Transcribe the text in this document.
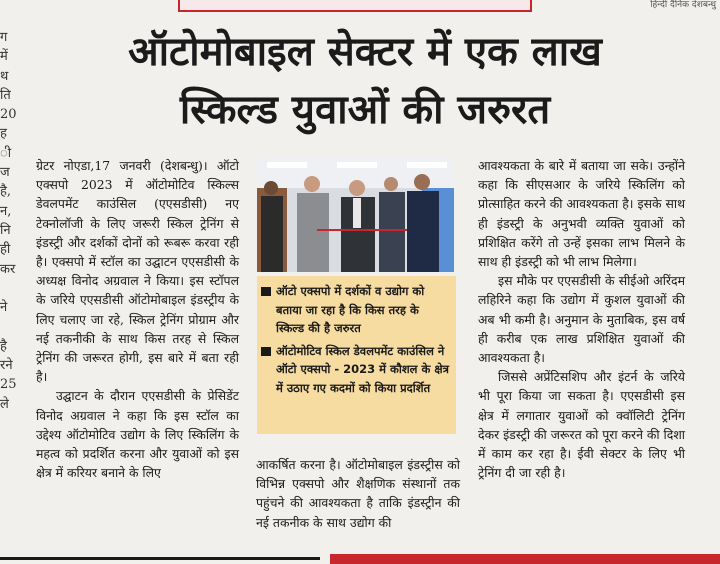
हिन्दी दैनिक देशबन्धु
ग
में
थ
ति
20
ह
ी
ज
है,
न,
नि
ही
कर

ने

है
रने
25
ले
ऑटोमोबाइल सेक्टर में एक लाख
स्किल्ड युवाओं की जरुरत

ग्रेटर नोएडा,17 जनवरी (देशबन्धु)। ऑटो एक्सपो 2023 में ऑटोमोटिव स्किल्स डेवलपमेंट काउंसिल (एएसडीसी) नए टेक्नोलॉजी के लिए जरूरी स्किल ट्रेनिंग से इंडस्ट्री और दर्शकों दोनों को रूबरू करवा रही है। एक्सपो में स्टॉल का उद्घाटन एएसडीसी के अध्यक्ष विनोद अग्रवाल ने किया। इस स्टॉपल के जरिये एएसडीसी ऑटोमोबाइल इंडस्ट्रीय के लिए चलाए जा रहे, स्किल ट्रेनिंग प्रोग्राम और नई तकनीकी के साथ किस तरह से स्किल ट्रेनिंग की जरूरत होगी, इस बारे में बता रही है।

उद्घाटन के दौरान एएसडीसी के प्रेसिडेंट विनोद अग्रवाल ने कहा कि इस स्टॉल का उद्देश्य ऑटोमोटिव उद्योग के लिए स्किलिंग के महत्व को प्रदर्शित करना और युवाओं को इस क्षेत्र में करियर बनाने के लिए

ऑटो एक्सपो में दर्शकों व उद्योग को बताया जा रहा है कि किस तरह के स्किल्ड की है जरुरत
ऑटोमोटिव स्किल डेवलपमेंट काउंसिल ने ऑटो एक्सपो - 2023 में कौशल के क्षेत्र में उठाए गए कदमों को किया प्रदर्शित

आकर्षित करना है। ऑटोमोबाइल इंडस्ट्रीस को विभिन्न एक्सपो और शैक्षणिक संस्थानों तक पहुंचने की आवश्यकता है ताकि इंडस्ट्रीन की नई तकनीक के साथ उद्योग की

आवश्यकता के बारे में बताया जा सके। उन्होंने कहा कि सीएसआर के जरिये स्किलिंग को प्रोत्साहित करने की आवश्यकता है। इसके साथ ही इंडस्ट्री के अनुभवी व्यक्ति युवाओं को प्रशिक्षित करेंगे तो उन्हें इसका लाभ मिलने के साथ ही इंडस्ट्री को भी लाभ मिलेगा।

इस मौके पर एएसडीसी के सीईओ अरिंदम लहिरिने कहा कि उद्योग में कुशल युवाओं की अब भी कमी है। अनुमान के मुताबिक, इस वर्ष ही करीब एक लाख प्रशिक्षित युवाओं की आवश्यकता है।

जिससे अप्रेंटिसशिप और इंटर्न के जरिये भी पूरा किया जा सकता है। एएसडीसी इस क्षेत्र में लगातार युवाओं को क्वॉलिटी ट्रेनिंग देकर इंडस्ट्री की जरूरत को पूरा करने की दिशा में काम कर रहा है। ईवी सेक्टर के लिए भी ट्रेनिंग दी जा रही है।
